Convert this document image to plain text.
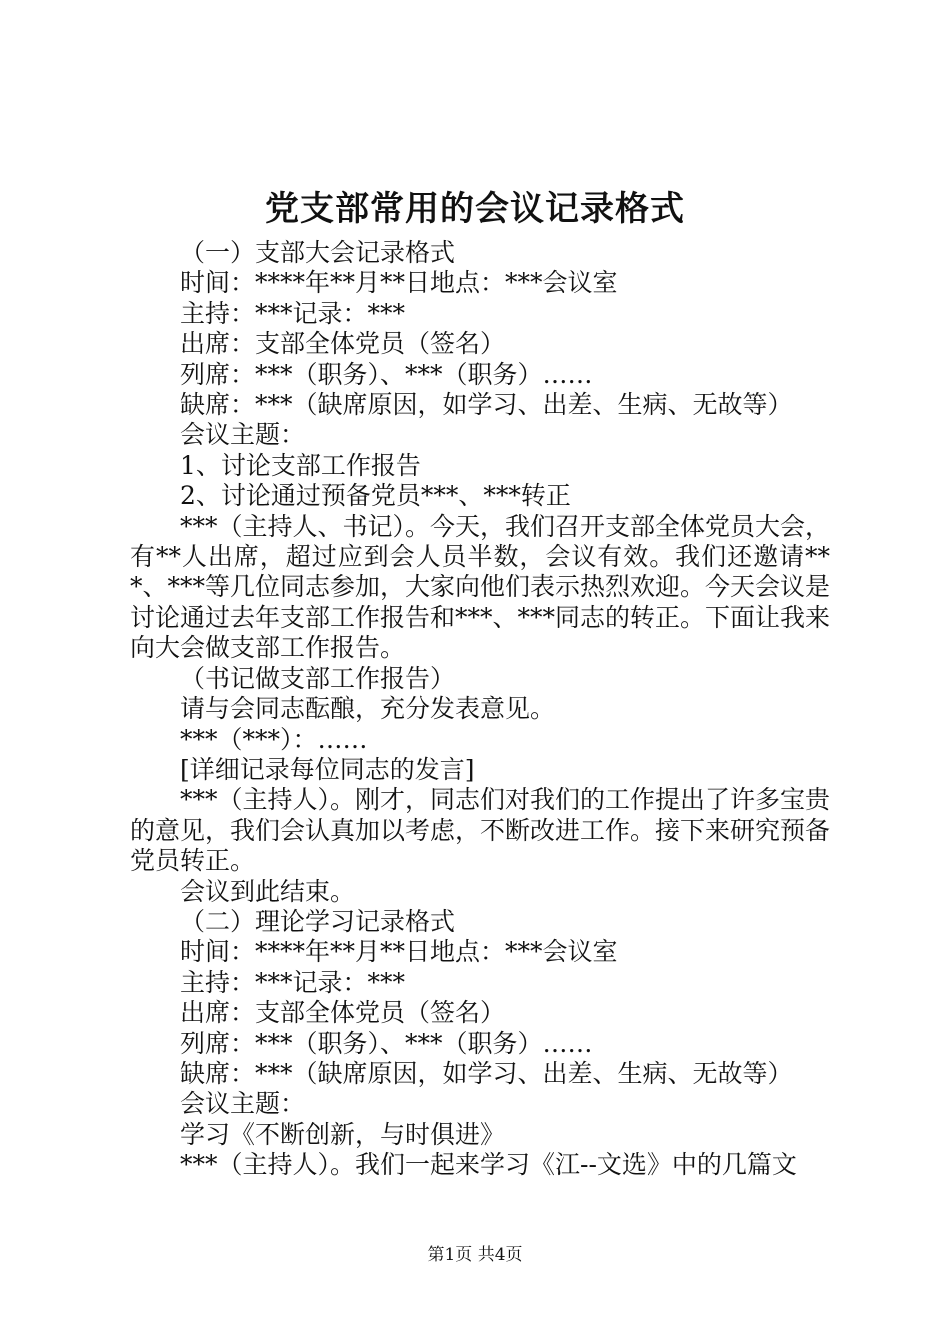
党支部常用的会议记录格式

（一）支部大会记录格式

时间：****年**月**日地点：***会议室

主持：***记录：***

出席：支部全体党员（签名）

列席：***（职务）、***（职务）……

缺席：***（缺席原因，如学习、出差、生病、无故等）

会议主题：

1、讨论支部工作报告

2、讨论通过预备党员***、***转正

***（主持人、书记）。今天，我们召开支部全体党员大会，有**人出席，超过应到会人员半数，会议有效。我们还邀请***、***等几位同志参加，大家向他们表示热烈欢迎。今天会议是讨论通过去年支部工作报告和***、***同志的转正。下面让我来向大会做支部工作报告。

（书记做支部工作报告）

请与会同志酝酿，充分发表意见。

***（***）：……

[详细记录每位同志的发言]

***（主持人）。刚才，同志们对我们的工作提出了许多宝贵的意见，我们会认真加以考虑，不断改进工作。接下来研究预备党员转正。

会议到此结束。

（二）理论学习记录格式

时间：****年**月**日地点：***会议室

主持：***记录：***

出席：支部全体党员（签名）

列席：***（职务）、***（职务）……

缺席：***（缺席原因，如学习、出差、生病、无故等）

会议主题：

学习《不断创新，与时俱进》

***（主持人）。我们一起来学习《江--文选》中的几篇文

第1页 共4页
